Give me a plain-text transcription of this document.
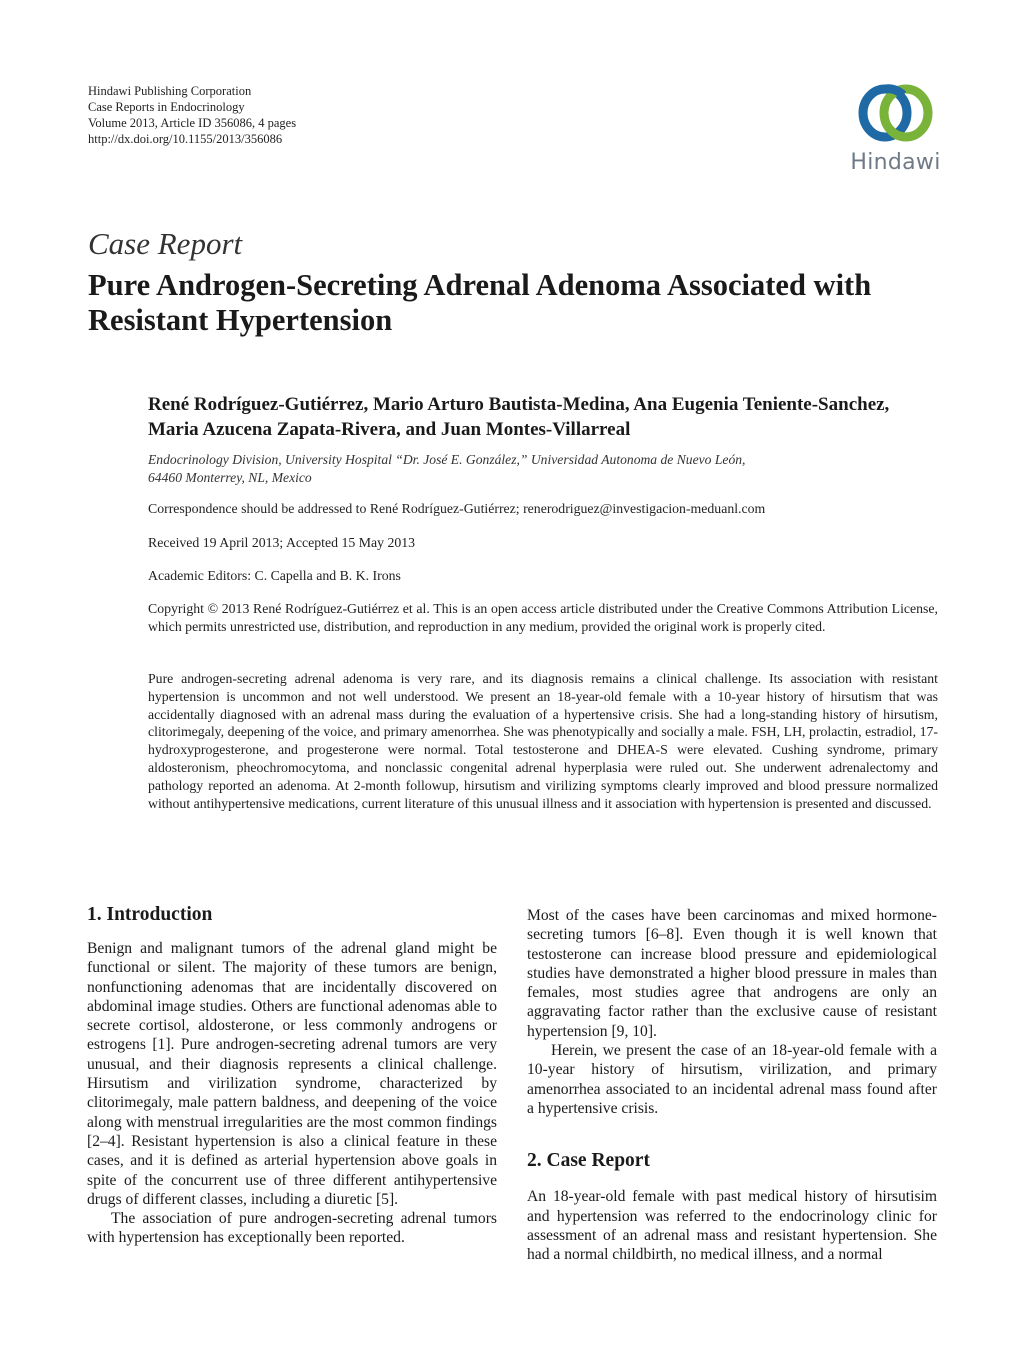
Hindawi Publishing Corporation
Case Reports in Endocrinology
Volume 2013, Article ID 356086, 4 pages
http://dx.doi.org/10.1155/2013/356086
Hindawi
Case Report
Pure Androgen-Secreting Adrenal Adenoma Associated with Resistant Hypertension
René Rodríguez-Gutiérrez, Mario Arturo Bautista-Medina, Ana Eugenia Teniente-Sanchez, Maria Azucena Zapata-Rivera, and Juan Montes-Villarreal
Endocrinology Division, University Hospital “Dr. José E. González,” Universidad Autonoma de Nuevo León,
64460 Monterrey, NL, Mexico
Correspondence should be addressed to René Rodríguez-Gutiérrez; renerodriguez@investigacion-meduanl.com
Received 19 April 2013; Accepted 15 May 2013
Academic Editors: C. Capella and B. K. Irons
Copyright © 2013 René Rodríguez-Gutiérrez et al. This is an open access article distributed under the Creative Commons Attribution License, which permits unrestricted use, distribution, and reproduction in any medium, provided the original work is properly cited.
Pure androgen-secreting adrenal adenoma is very rare, and its diagnosis remains a clinical challenge. Its association with resistant hypertension is uncommon and not well understood. We present an 18-year-old female with a 10-year history of hirsutism that was accidentally diagnosed with an adrenal mass during the evaluation of a hypertensive crisis. She had a long-standing history of hirsutism, clitorimegaly, deepening of the voice, and primary amenorrhea. She was phenotypically and socially a male. FSH, LH, prolactin, estradiol, 17-hydroxyprogesterone, and progesterone were normal. Total testosterone and DHEA-S were elevated. Cushing syndrome, primary aldosteronism, pheochromocytoma, and nonclassic congenital adrenal hyperplasia were ruled out. She underwent adrenalectomy and pathology reported an adenoma. At 2-month followup, hirsutism and virilizing symptoms clearly improved and blood pressure normalized without antihypertensive medications, current literature of this unusual illness and it association with hypertension is presented and discussed.
1. Introduction

Benign and malignant tumors of the adrenal gland might be functional or silent. The majority of these tumors are benign, nonfunctioning adenomas that are incidentally discovered on abdominal image studies. Others are functional adenomas able to secrete cortisol, aldosterone, or less commonly androgens or estrogens [1]. Pure androgen-secreting adrenal tumors are very unusual, and their diagnosis represents a clinical challenge. Hirsutism and virilization syndrome, characterized by clitorimegaly, male pattern baldness, and deepening of the voice along with menstrual irregularities are the most common findings [2–4]. Resistant hypertension is also a clinical feature in these cases, and it is defined as arterial hypertension above goals in spite of the concurrent use of three different antihypertensive drugs of different classes, including a diuretic [5].

The association of pure androgen-secreting adrenal tumors with hypertension has exceptionally been reported.

Most of the cases have been carcinomas and mixed hormone-secreting tumors [6–8]. Even though it is well known that testosterone can increase blood pressure and epidemiological studies have demonstrated a higher blood pressure in males than females, most studies agree that androgens are only an aggravating factor rather than the exclusive cause of resistant hypertension [9, 10].

Herein, we present the case of an 18-year-old female with a 10-year history of hirsutism, virilization, and primary amenorrhea associated to an incidental adrenal mass found after a hypertensive crisis.

2. Case Report

An 18-year-old female with past medical history of hirsutisim and hypertension was referred to the endocrinology clinic for assessment of an adrenal mass and resistant hypertension. She had a normal childbirth, no medical illness, and a normal
